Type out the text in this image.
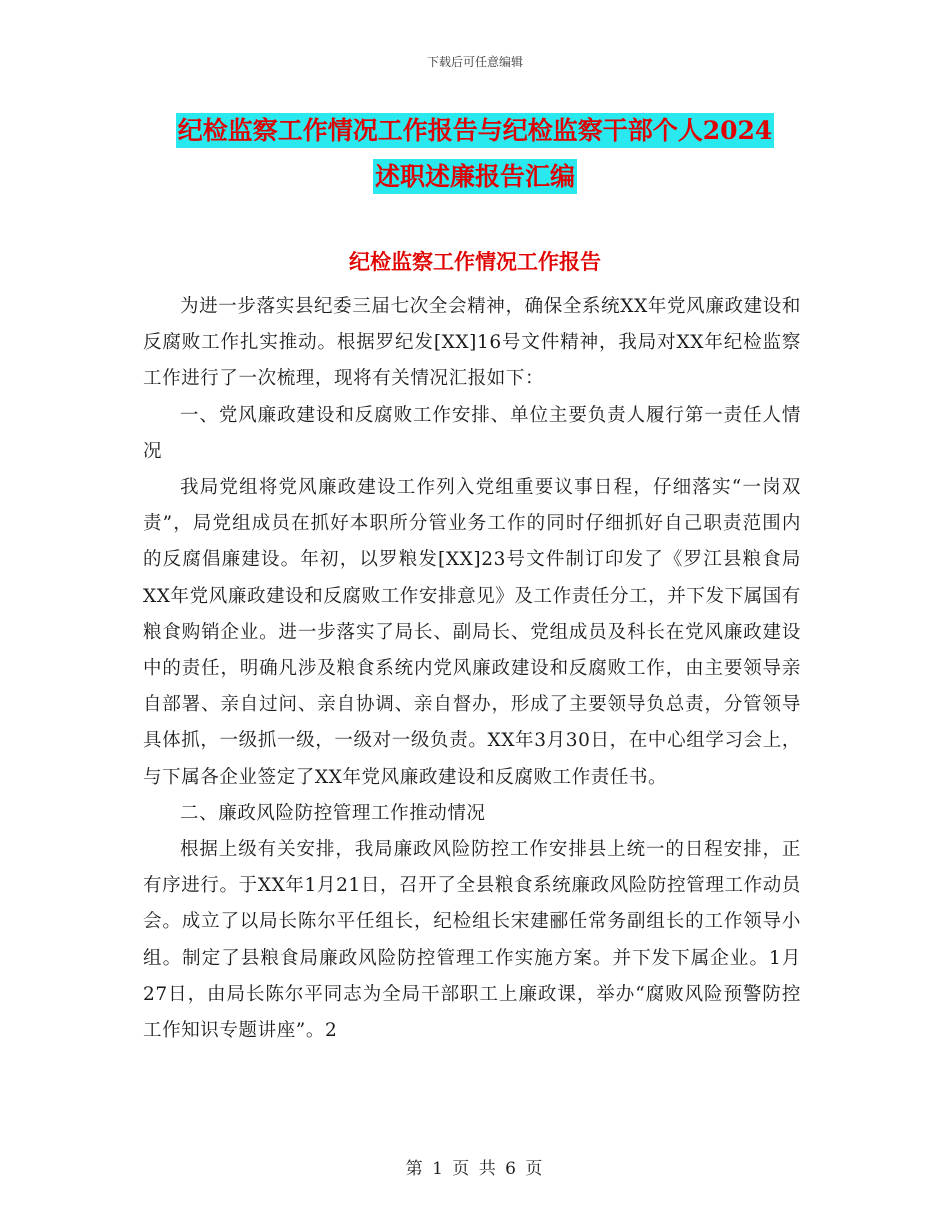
下载后可任意编辑
纪检监察工作情况工作报告与纪检监察干部个人2024
述职述廉报告汇编
纪检监察工作情况工作报告

为进一步落实县纪委三届七次全会精神，确保全系统XX年党风廉政建设和反腐败工作扎实推动。根据罗纪发[XX]16号文件精神，我局对XX年纪检监察工作进行了一次梳理，现将有关情况汇报如下：

一、党风廉政建设和反腐败工作安排、单位主要负责人履行第一责任人情况

我局党组将党风廉政建设工作列入党组重要议事日程，仔细落实“一岗双责”，局党组成员在抓好本职所分管业务工作的同时仔细抓好自己职责范围内的反腐倡廉建设。年初，以罗粮发[XX]23号文件制订印发了《罗江县粮食局XX年党风廉政建设和反腐败工作安排意见》及工作责任分工，并下发下属国有粮食购销企业。进一步落实了局长、副局长、党组成员及科长在党风廉政建设中的责任，明确凡涉及粮食系统内党风廉政建设和反腐败工作，由主要领导亲自部署、亲自过问、亲自协调、亲自督办，形成了主要领导负总责，分管领导具体抓，一级抓一级，一级对一级负责。XX年3月30日，在中心组学习会上，与下属各企业签定了XX年党风廉政建设和反腐败工作责任书。

二、廉政风险防控管理工作推动情况

根据上级有关安排，我局廉政风险防控工作安排县上统一的日程安排，正有序进行。于XX年1月21日，召开了全县粮食系统廉政风险防控管理工作动员会。成立了以局长陈尔平任组长，纪检组长宋建郦任常务副组长的工作领导小组。制定了县粮食局廉政风险防控管理工作实施方案。并下发下属企业。1月27日，由局长陈尔平同志为全局干部职工上廉政课，举办“腐败风险预警防控工作知识专题讲座”。2

第 1 页 共 6 页
